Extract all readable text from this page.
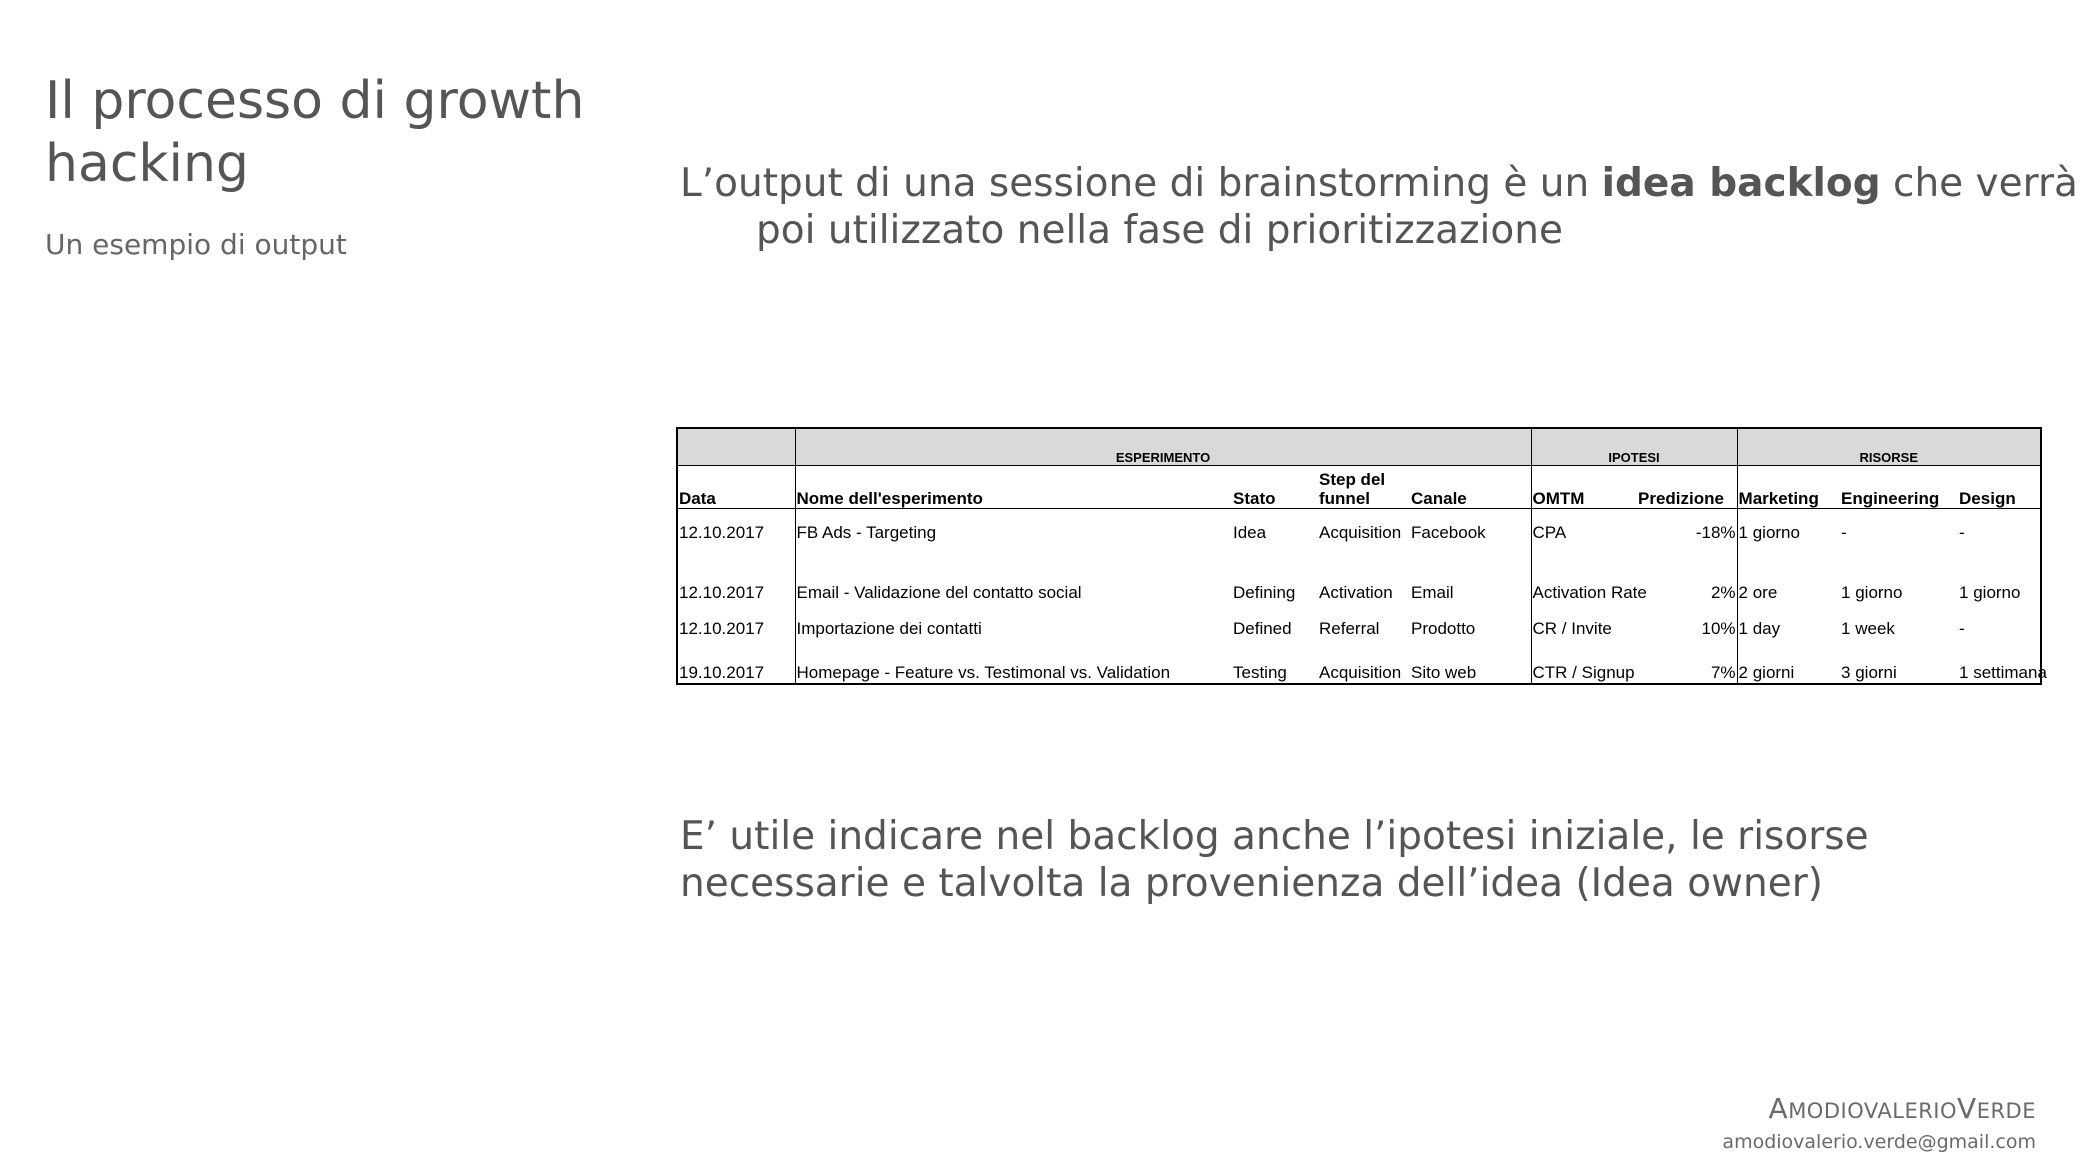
Il processo di growth hacking

Un esempio di output

L’output di una sessione di brainstorming è un idea backlog che verrà poi utilizzato nella fase di prioritizzazione

	ESPERIMENTO				IPOTESI		RISORSE		
Data	Nome dell'esperimento	Stato	Step del funnel	Canale	OMTM	Predizione	Marketing	Engineering	Design
12.10.2017	FB Ads - Targeting	Idea	Acquisition	Facebook	CPA	-18%	1 giorno	-	-
12.10.2017	Email - Validazione del contatto social	Defining	Activation	Email	Activation Rate	2%	2 ore	1 giorno	1 giorno
12.10.2017	Importazione dei contatti	Defined	Referral	Prodotto	CR / Invite	10%	1 day	1 week	-
19.10.2017	Homepage - Feature vs. Testimonal vs. Validation	Testing	Acquisition	Sito web	CTR / Signup	7%	2 giorni	3 giorni	1 settimana

E’ utile indicare nel backlog anche l’ipotesi iniziale, le risorse necessarie e talvolta la provenienza dell’idea (Idea owner)

AMODIOVALERIOVERDE
amodiovalerio.verde@gmail.com
